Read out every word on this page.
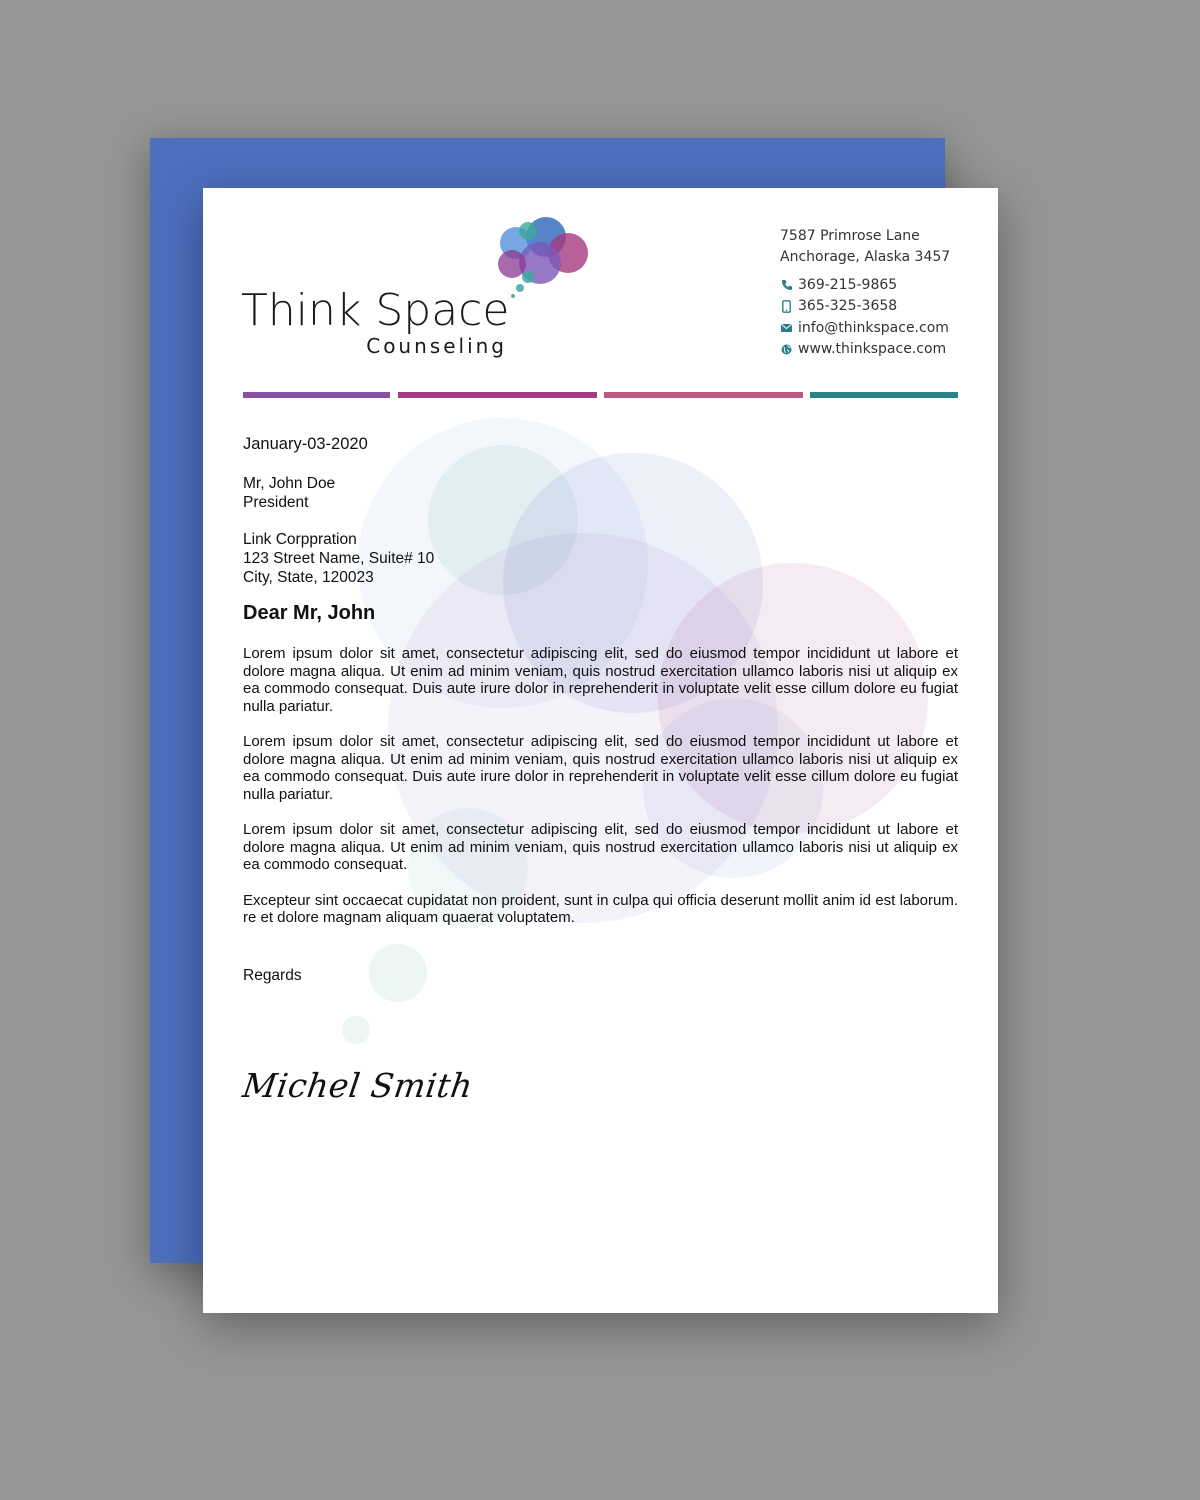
Think Space
Counseling
7587 Primrose Lane
Anchorage, Alaska 3457
369-215-9865
365-325-3658
info@thinkspace.com
www.thinkspace.com
January-03-2020
Mr, John Doe
President
Link Corppration
123 Street Name, Suite# 10
City, State, 120023
Dear Mr, John

Lorem ipsum dolor sit amet, consectetur adipiscing elit, sed do eiusmod tempor incididunt ut labore et dolore magna aliqua. Ut enim ad minim veniam, quis nostrud exercitation ullamco laboris nisi ut aliquip ex ea commodo consequat. Duis aute irure dolor in reprehenderit in voluptate velit esse cillum dolore eu fugiat nulla pariatur.

Lorem ipsum dolor sit amet, consectetur adipiscing elit, sed do eiusmod tempor incididunt ut labore et dolore magna aliqua. Ut enim ad minim veniam, quis nostrud exercitation ullamco laboris nisi ut aliquip ex ea commodo consequat. Duis aute irure dolor in reprehenderit in voluptate velit esse cillum dolore eu fugiat nulla pariatur.

Lorem ipsum dolor sit amet, consectetur adipiscing elit, sed do eiusmod tempor incididunt ut labore et dolore magna aliqua. Ut enim ad minim veniam, quis nostrud exercitation ullamco laboris nisi ut aliquip ex ea commodo consequat.

Excepteur sint occaecat cupidatat non proident, sunt in culpa qui officia deserunt mollit anim id est laborum. re et dolore magnam aliquam quaerat voluptatem.

Regards
Michel Smith
